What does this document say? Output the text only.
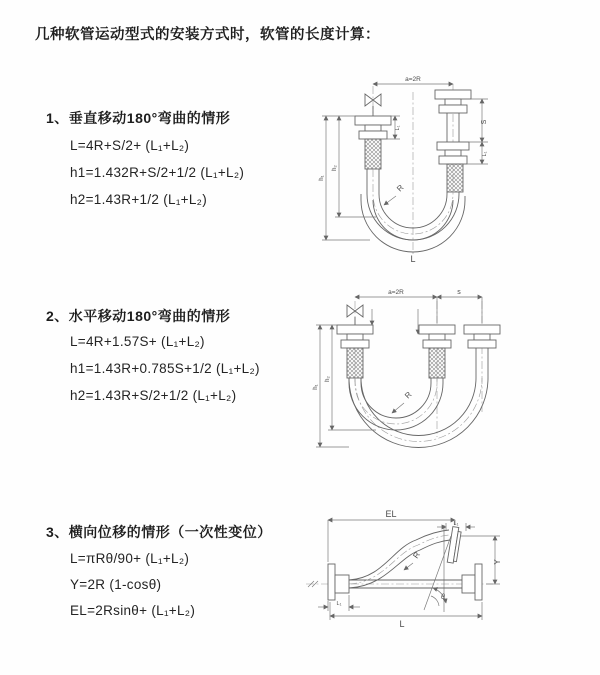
几种软管运动型式的安装方式时，软管的长度计算：
1、垂直移动180°弯曲的情形
L=4R+S/2+ (L₁+L₂)
h1=1.432R+S/2+1/2 (L₁+L₂)
h2=1.43R+1/2 (L₁+L₂)
2、水平移动180°弯曲的情形
L=4R+1.57S+ (L₁+L₂)
h1=1.43R+0.785S+1/2 (L₁+L₂)
h2=1.43R+S/2+1/2 (L₁+L₂)
3、横向位移的情形（一次性变位）
L=πRθ/90+ (L₁+L₂)
Y=2R (1-cosθ)
EL=2Rsinθ+ (L₁+L₂)
a=2R
R
h₁
h₂
L₁
S
L₁
L
a=2R	s
R
h₁
h₂
θ
EL
L₁
Y
R
L₁
L
